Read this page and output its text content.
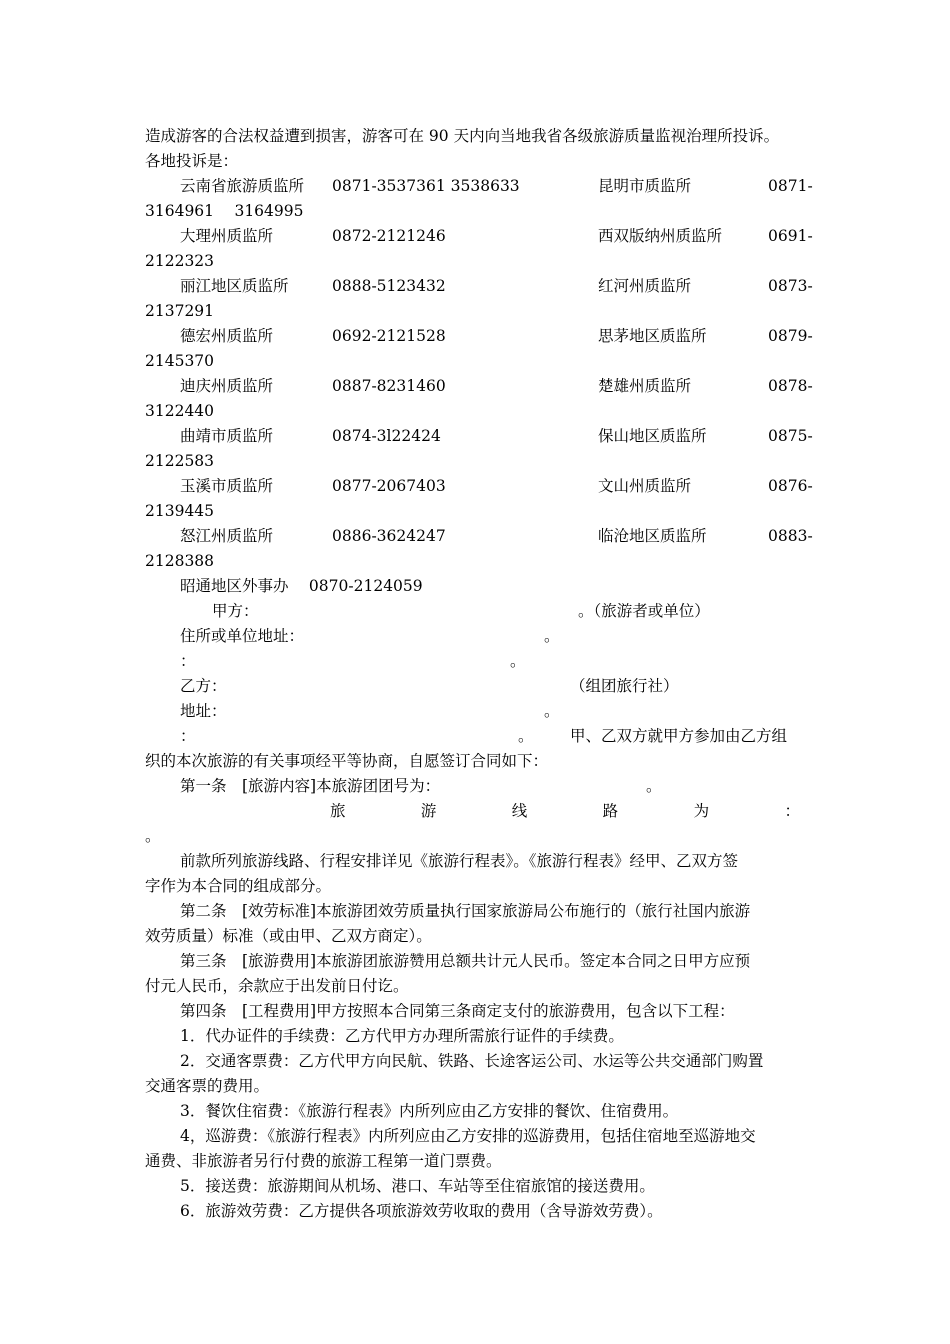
造成游客的合法权益遭到损害，游客可在 90 天内向当地我省各级旅游质量监视治理所投诉。
各地投诉是：
云南省旅游质监所 0871-3537361 3538633	昆明市质监所	0871-
3164961　 3164995
大理州质监所	0872-2121246	西双版纳州质监所	0691-
2122323
丽江地区质监所	0888-5123432	红河州质监所	0873-
2137291
德宏州质监所	0692-2121528	思茅地区质监所	0879-
2145370
迪庆州质监所	0887-8231460	楚雄州质监所	0878-
3122440
曲靖市质监所	0874-3l22424	保山地区质监所	0875-
2122583
玉溪市质监所	0877-2067403	文山州质监所	0876-
2139445
怒江州质监所	0886-3624247	临沧地区质监所	0883-
2128388
昭通地区外事办　 0870-2124059
甲方：	。（旅游者或单位）
住所或单位地址：	。
：	。
乙方：	（组团旅行社）
地址：	。
：	。 甲、乙双方就甲方参加由乙方组
织的本次旅游的有关事项经平等协商，自愿签订合同如下：
第一条　[旅游内容]本旅游团团号为：	。
旅	游	线	路	为	：
。
前款所列旅游线路、行程安排详见《旅游行程表》。《旅游行程表》经甲、乙双方签
字作为本合同的组成部分。
第二条　[效劳标准]本旅游团效劳质量执行国家旅游局公布施行的（旅行社国内旅游
效劳质量）标准（或由甲、乙双方商定）。
第三条　[旅游费用]本旅游团旅游赞用总额共计元人民币。签定本合同之日甲方应预
付元人民币，余款应于出发前日付讫。
第四条　[工程费用]甲方按照本合同第三条商定支付的旅游费用，包含以下工程：
1．代办证件的手续费：乙方代甲方办理所需旅行证件的手续费。
2．交通客票费：乙方代甲方向民航、铁路、长途客运公司、水运等公共交通部门购置
交通客票的费用。
3．餐饮住宿费：《旅游行程表》内所列应由乙方安排的餐饮、住宿费用。
4，巡游费：《旅游行程表》内所列应由乙方安排的巡游费用，包括住宿地至巡游地交
通费、非旅游者另行付费的旅游工程第一道门票费。
5．接送费：旅游期间从机场、港口、车站等至住宿旅馆的接送费用。
6．旅游效劳费：乙方提供各项旅游效劳收取的费用（含导游效劳费）。
